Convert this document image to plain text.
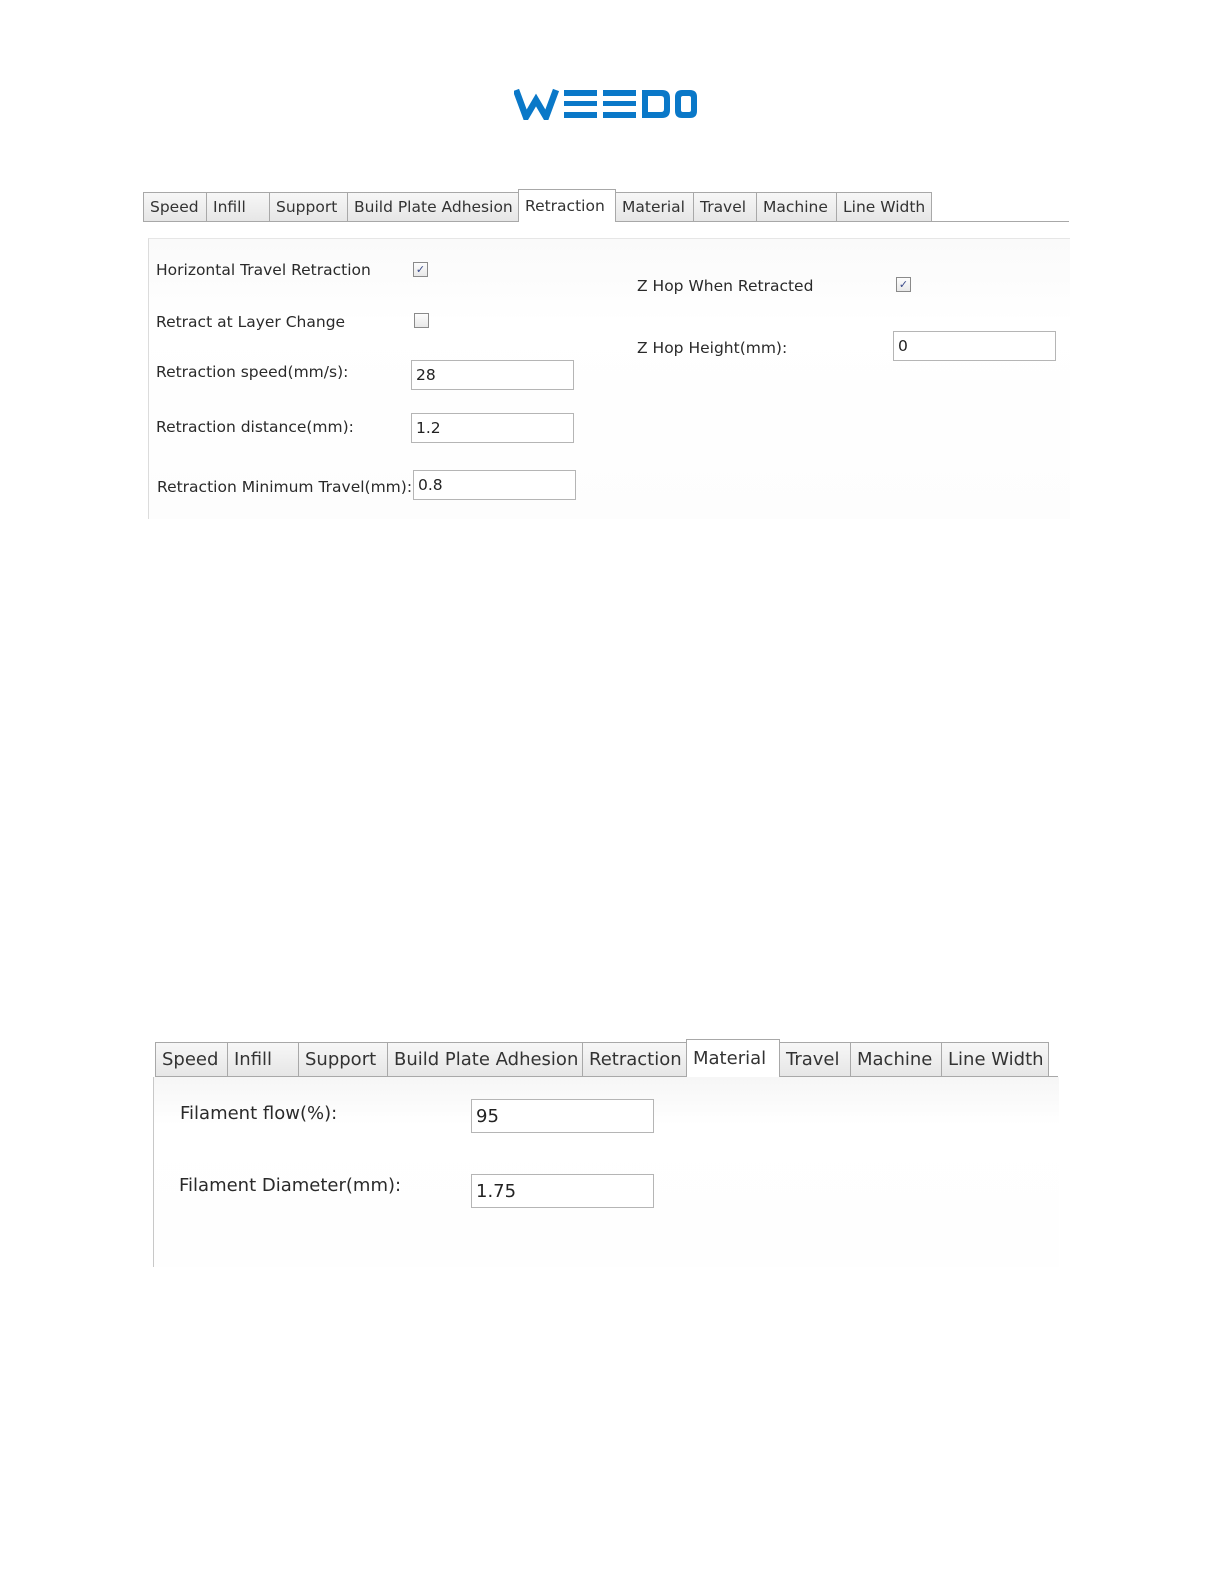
Speed Infill Support Build Plate Adhesion Retraction Material Travel Machine Line Width
Horizontal Travel Retraction	✓
Retract at Layer Change
Retraction speed(mm/s):	28
Retraction distance(mm):	1.2
Retraction Minimum Travel(mm): 0.8
Z Hop When Retracted	✓
Z Hop Height(mm):	0
Speed Infill Support Build Plate Adhesion Retraction Material Travel Machine Line Width
Filament flow(%):	95
Filament Diameter(mm):	1.75
